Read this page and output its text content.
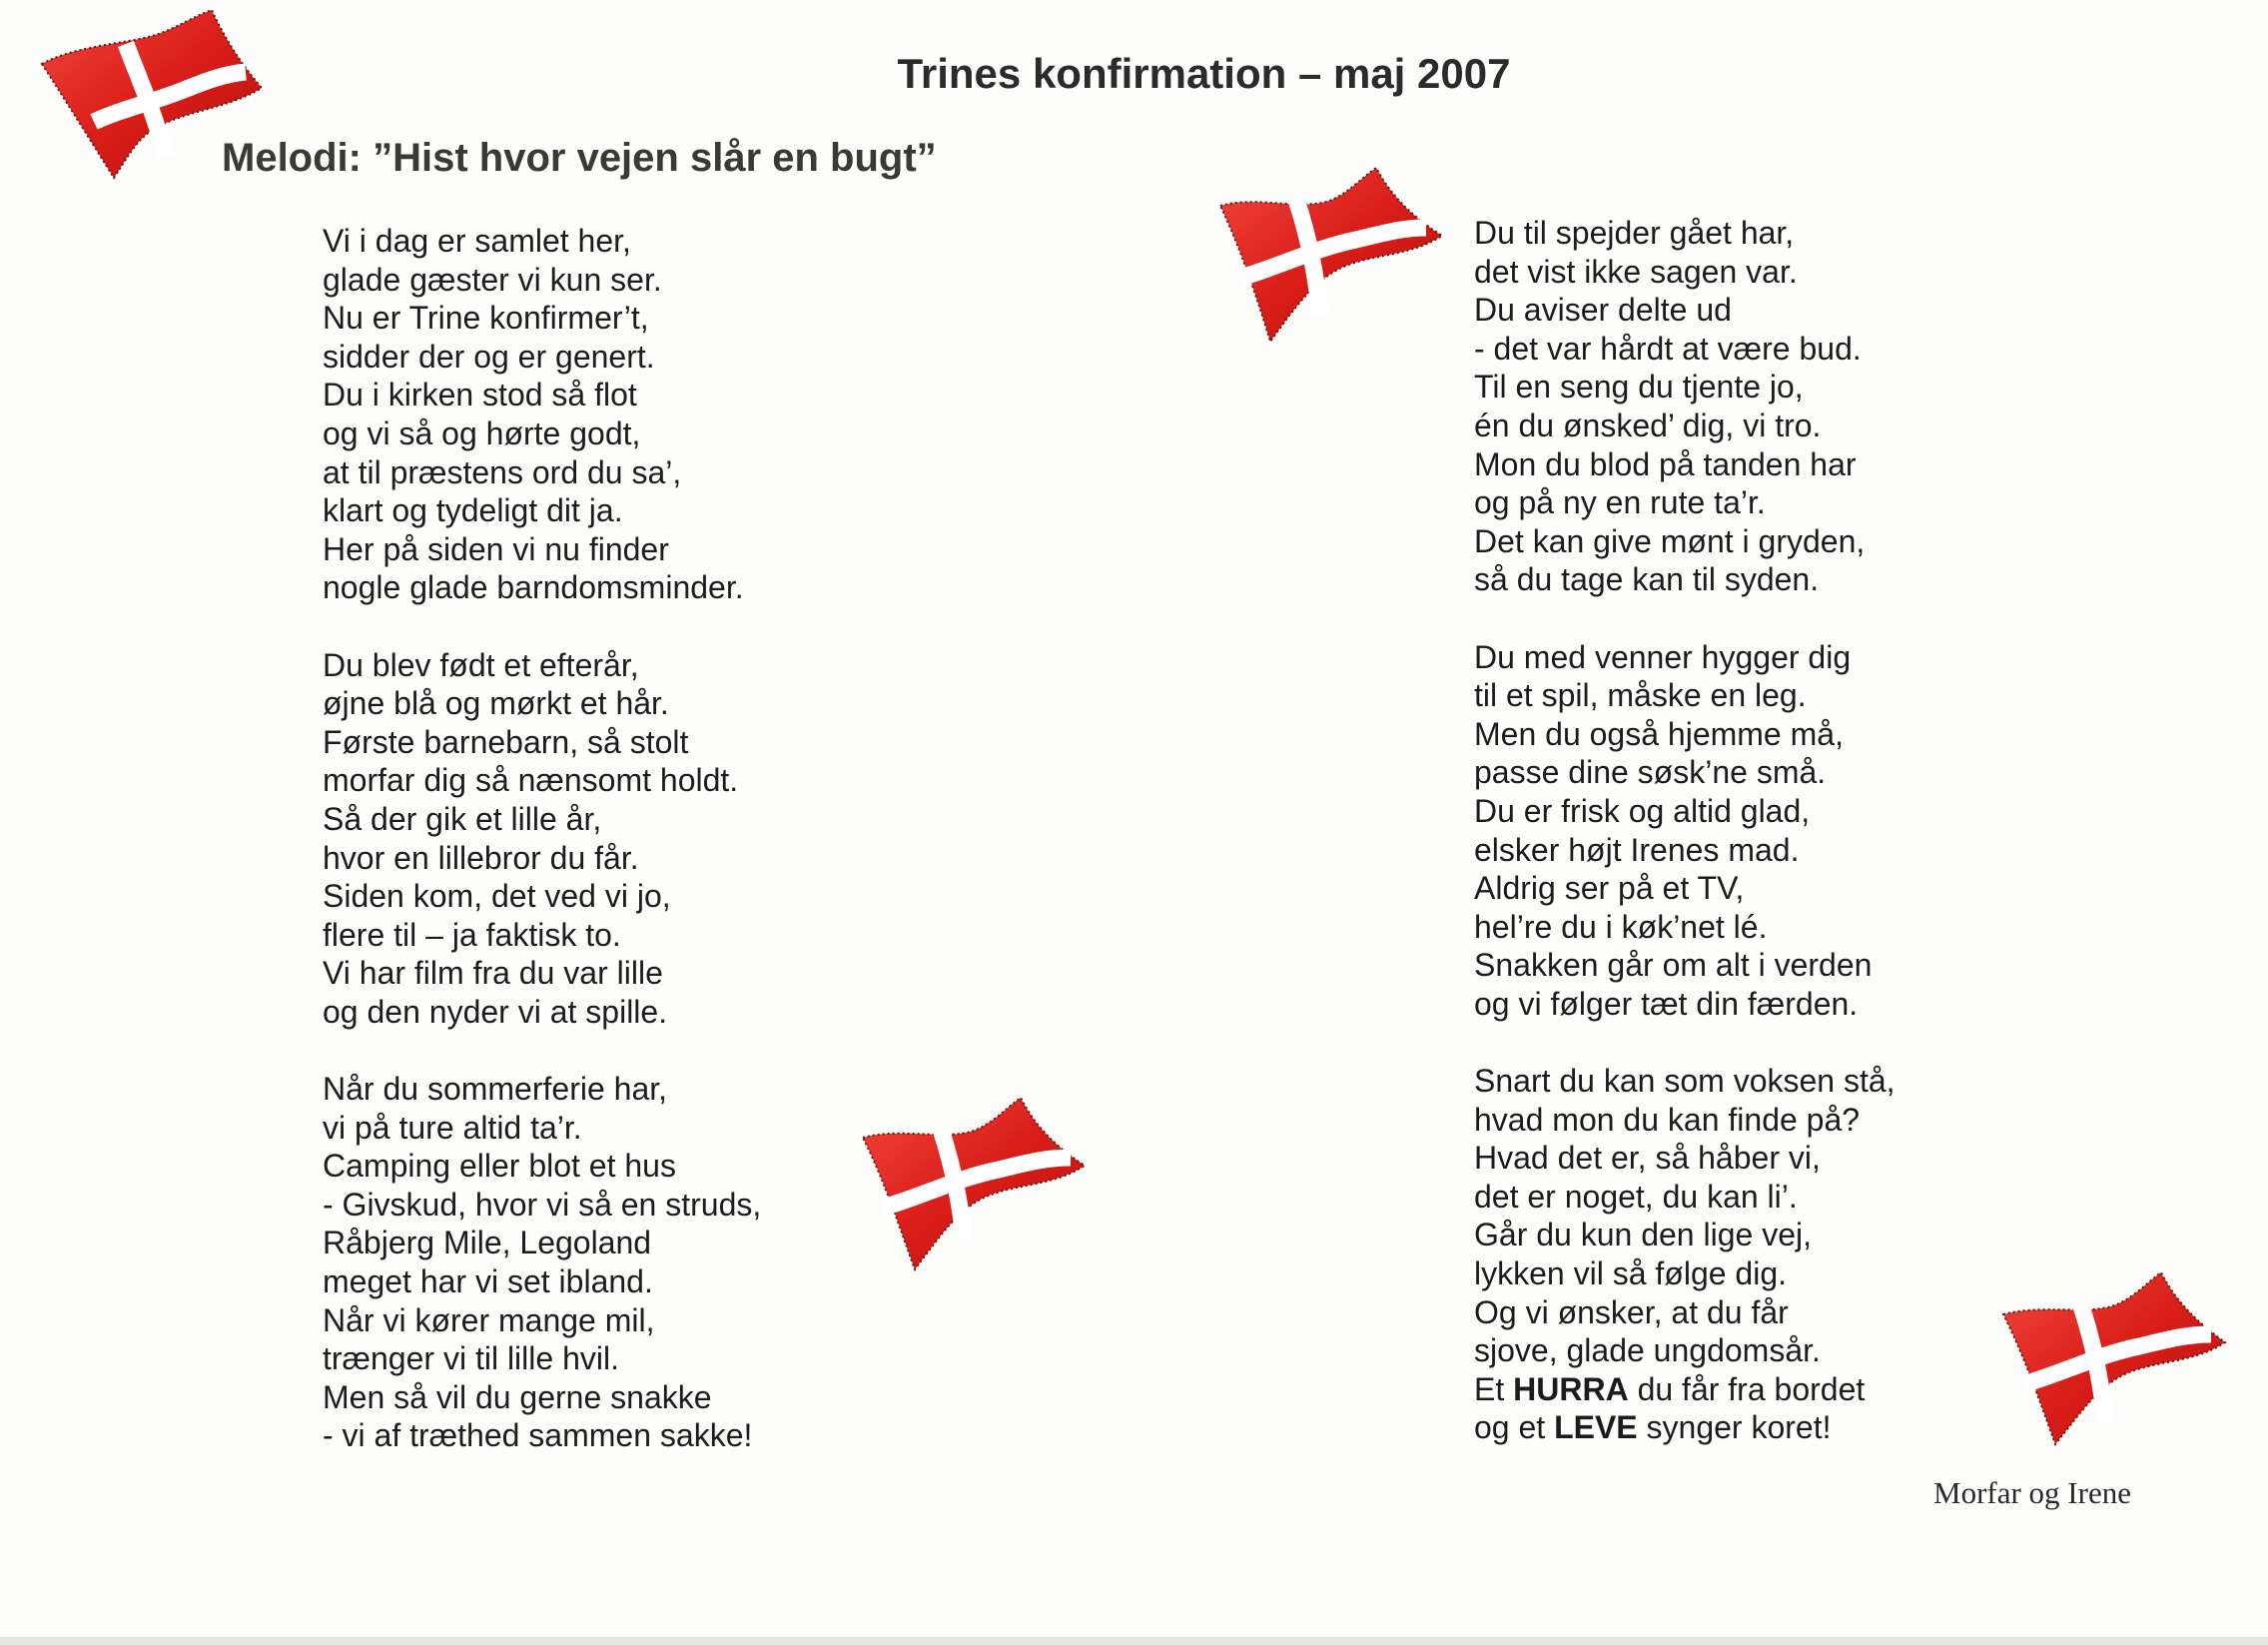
Trines konfirmation – maj 2007
Melodi: ”Hist hvor vejen slår en bugt”
Vi i dag er samlet her,
glade gæster vi kun ser.
Nu er Trine konfirmer’t,
sidder der og er genert.
Du i kirken stod så flot
og vi så og hørte godt,
at til præstens ord du sa’,
klart og tydeligt dit ja.
Her på siden vi nu finder
nogle glade barndomsminder.
Du blev født et efterår,
øjne blå og mørkt et hår.
Første barnebarn, så stolt
morfar dig så nænsomt holdt.
Så der gik et lille år,
hvor en lillebror du får.
Siden kom, det ved vi jo,
flere til – ja faktisk to.
Vi har film fra du var lille
og den nyder vi at spille.
Når du sommerferie har,
vi på ture altid ta’r.
Camping eller blot et hus
- Givskud, hvor vi så en struds,
Råbjerg Mile, Legoland
meget har vi set ibland.
Når vi kører mange mil,
trænger vi til lille hvil.
Men så vil du gerne snakke
- vi af træthed sammen sakke!
Du til spejder gået har,
det vist ikke sagen var.
Du aviser delte ud
- det var hårdt at være bud.
Til en seng du tjente jo,
én du ønsked’ dig, vi tro.
Mon du blod på tanden har
og på ny en rute ta’r.
Det kan give mønt i gryden,
så du tage kan til syden.
Du med venner hygger dig
til et spil, måske en leg.
Men du også hjemme må,
passe dine søsk’ne små.
Du er frisk og altid glad,
elsker højt Irenes mad.
Aldrig ser på et TV,
hel’re du i køk’net lé.
Snakken går om alt i verden
og vi følger tæt din færden.
Snart du kan som voksen stå,
hvad mon du kan finde på?
Hvad det er, så håber vi,
det er noget, du kan li’.
Går du kun den lige vej,
lykken vil så følge dig.
Og vi ønsker, at du får
sjove, glade ungdomsår.
Et HURRA du får fra bordet
og et LEVE synger koret!
Morfar og Irene
